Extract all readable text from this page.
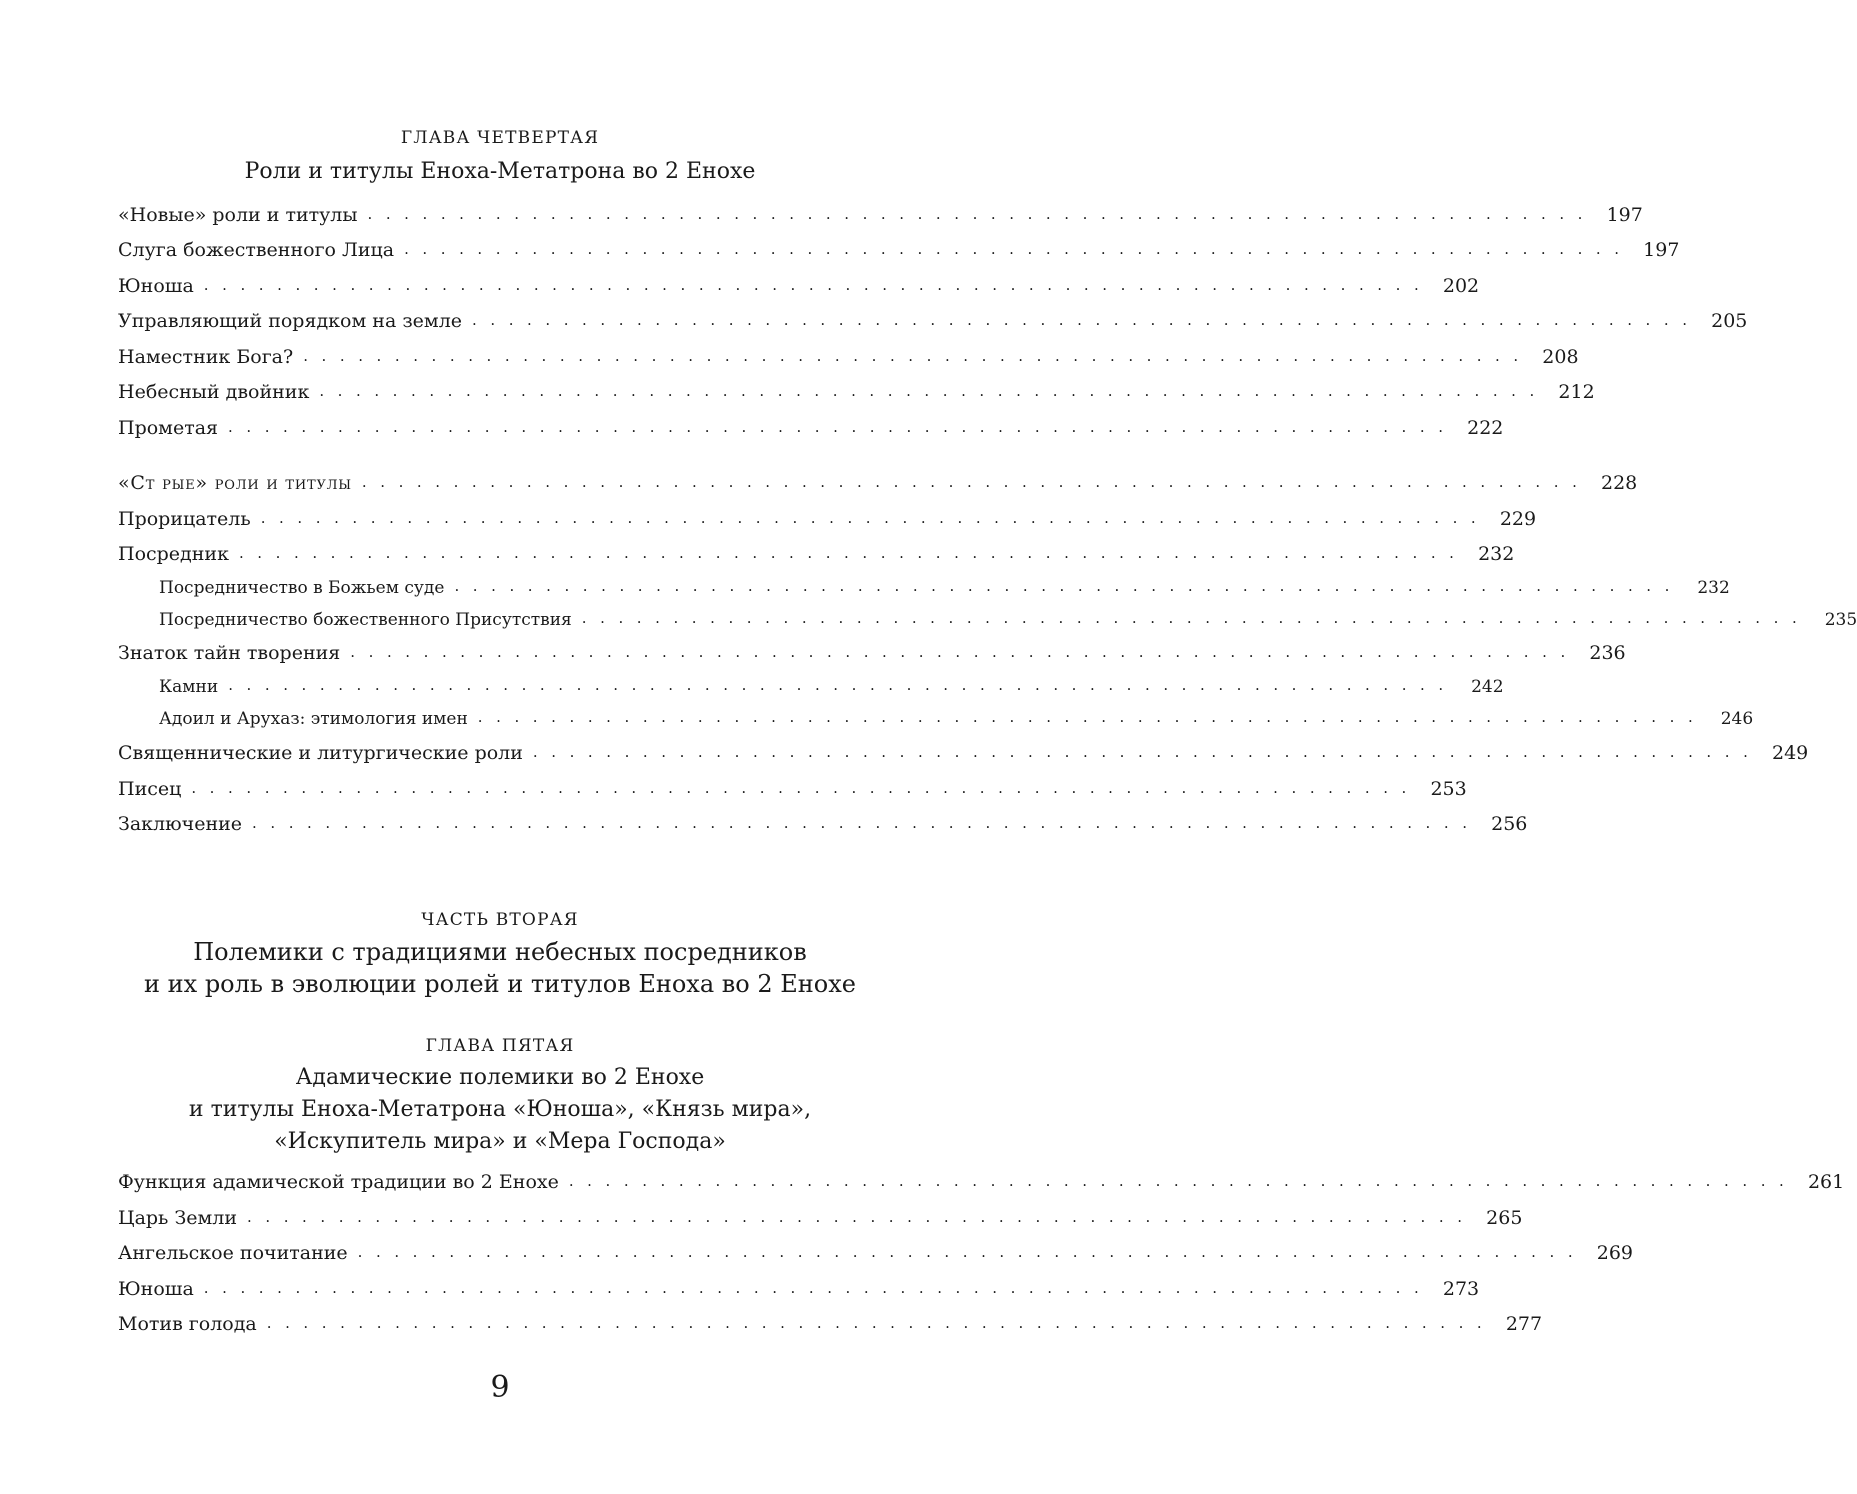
ГЛАВА ЧЕТВЕРТАЯ
Роли и титулы Еноха-Метатрона во 2 Енохе
«Новые» роли и титулы . . . . . . . . . . . . . . . . . . . . . . . . . . . . . . . . . . . . . . . . . . . . . . . . . . . . . . . . . . . . . . . . . . .	197
Слуга божественного Лица . . . . . . . . . . . . . . . . . . . . . . . . . . . . . . . . . . . . . . . . . . . . . . . . . . . . . . . . . . . . . . . . . . .	197
Юноша . . . . . . . . . . . . . . . . . . . . . . . . . . . . . . . . . . . . . . . . . . . . . . . . . . . . . . . . . . . . . . . . . . .	202
Управляющий порядком на земле . . . . . . . . . . . . . . . . . . . . . . . . . . . . . . . . . . . . . . . . . . . . . . . . . . . . . . . . . . . . . . . . . . .	205
Наместник Бога? . . . . . . . . . . . . . . . . . . . . . . . . . . . . . . . . . . . . . . . . . . . . . . . . . . . . . . . . . . . . . . . . . . .	208
Небесный двойник . . . . . . . . . . . . . . . . . . . . . . . . . . . . . . . . . . . . . . . . . . . . . . . . . . . . . . . . . . . . . . . . . . .	212
Прометая . . . . . . . . . . . . . . . . . . . . . . . . . . . . . . . . . . . . . . . . . . . . . . . . . . . . . . . . . . . . . . . . . . .	222
«Ст рые» роли и титулы . . . . . . . . . . . . . . . . . . . . . . . . . . . . . . . . . . . . . . . . . . . . . . . . . . . . . . . . . . . . . . . . . . .	228
Прорицатель . . . . . . . . . . . . . . . . . . . . . . . . . . . . . . . . . . . . . . . . . . . . . . . . . . . . . . . . . . . . . . . . . . .	229
Посредник . . . . . . . . . . . . . . . . . . . . . . . . . . . . . . . . . . . . . . . . . . . . . . . . . . . . . . . . . . . . . . . . . . .	232
Посредничество в Божьем суде . . . . . . . . . . . . . . . . . . . . . . . . . . . . . . . . . . . . . . . . . . . . . . . . . . . . . . . . . . . . . . . . . . .	232
Посредничество божественного Присутствия . . . . . . . . . . . . . . . . . . . . . . . . . . . . . . . . . . . . . . . . . . . . . . . . . . . . . . . . . . . . . . . . . . .	235
Знаток тайн творения . . . . . . . . . . . . . . . . . . . . . . . . . . . . . . . . . . . . . . . . . . . . . . . . . . . . . . . . . . . . . . . . . . .	236
Камни . . . . . . . . . . . . . . . . . . . . . . . . . . . . . . . . . . . . . . . . . . . . . . . . . . . . . . . . . . . . . . . . . . .	242
Адоил и Аруxаз: этимология имен . . . . . . . . . . . . . . . . . . . . . . . . . . . . . . . . . . . . . . . . . . . . . . . . . . . . . . . . . . . . . . . . . . .	246
Священнические и литургические роли . . . . . . . . . . . . . . . . . . . . . . . . . . . . . . . . . . . . . . . . . . . . . . . . . . . . . . . . . . . . . . . . . . .	249
Писец . . . . . . . . . . . . . . . . . . . . . . . . . . . . . . . . . . . . . . . . . . . . . . . . . . . . . . . . . . . . . . . . . . .	253
Заключение . . . . . . . . . . . . . . . . . . . . . . . . . . . . . . . . . . . . . . . . . . . . . . . . . . . . . . . . . . . . . . . . . . .	256
ЧАСТЬ ВТОРАЯ
Полемики с традициями небесных посредников
и их роль в эволюции ролей и титулов Еноха во 2 Енохе
ГЛАВА ПЯТАЯ
Адамические полемики во 2 Енохе
и титулы Еноха-Метатрона «Юноша», «Князь мира»,
«Искупитель мира» и «Мера Господа»
Функция адамической традиции во 2 Енохе . . . . . . . . . . . . . . . . . . . . . . . . . . . . . . . . . . . . . . . . . . . . . . . . . . . . . . . . . . . . . . . . . . .	261
Царь Земли . . . . . . . . . . . . . . . . . . . . . . . . . . . . . . . . . . . . . . . . . . . . . . . . . . . . . . . . . . . . . . . . . . .	265
Ангельское почитание . . . . . . . . . . . . . . . . . . . . . . . . . . . . . . . . . . . . . . . . . . . . . . . . . . . . . . . . . . . . . . . . . . .	269
Юноша . . . . . . . . . . . . . . . . . . . . . . . . . . . . . . . . . . . . . . . . . . . . . . . . . . . . . . . . . . . . . . . . . . .	273
Мотив голода . . . . . . . . . . . . . . . . . . . . . . . . . . . . . . . . . . . . . . . . . . . . . . . . . . . . . . . . . . . . . . . . . . .	277
9
